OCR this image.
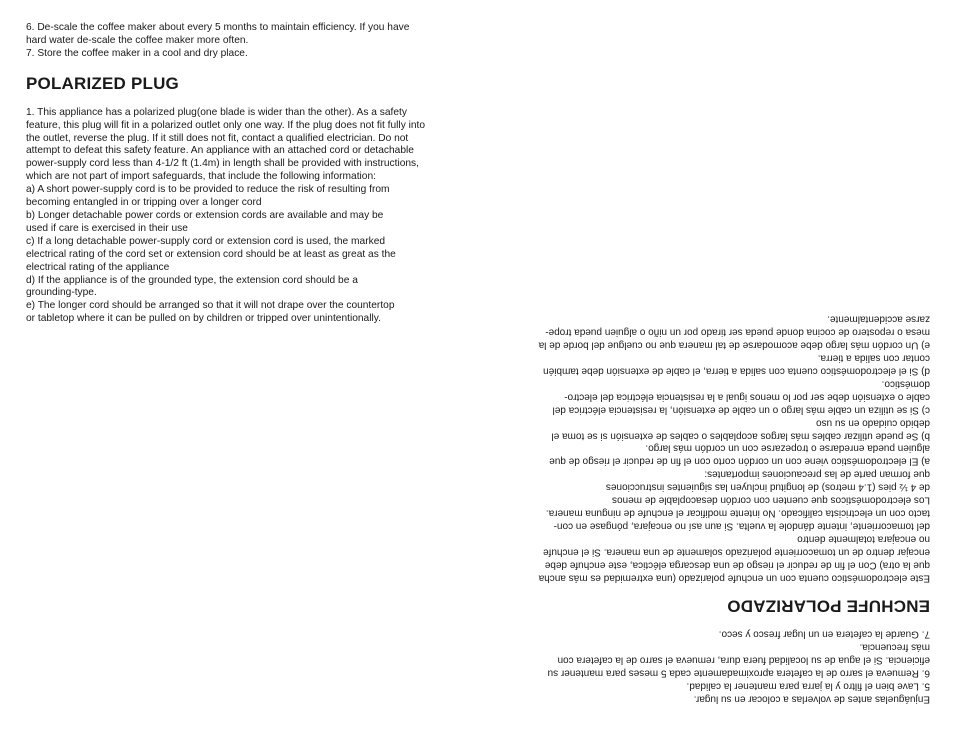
6. De-scale the coffee maker about every 5 months to maintain efficiency. If you have
hard water de-scale the coffee maker more often.
7. Store the coffee maker in a cool and dry place.
POLARIZED PLUG
1. This appliance has a polarized plug(one blade is wider than the other). As a safety
feature, this plug will fit in a polarized outlet only one way. If the plug does not fit fully into
the outlet, reverse the plug. If it still does not fit, contact a qualified electrician. Do not
attempt to defeat this safety feature. An appliance with an attached cord or detachable
power-supply cord less than 4-1/2 ft (1.4m) in length shall be provided with instructions,
which are not part of import safeguards, that include the following information:
a) A short power-supply cord is to be provided to reduce the risk of resulting from
becoming entangled in or tripping over a longer cord
b) Longer detachable power cords or extension cords are available and may be
used if care is exercised in their use
c) If a long detachable power-supply cord or extension cord is used, the marked
electrical rating of the cord set or extension cord should be at least as great as the
electrical rating of the appliance
d) If the appliance is of the grounded type, the extension cord should be a
grounding-type.
e) The longer cord should be arranged so that it will not drape over the countertop
or tabletop where it can be pulled on by children or tripped over unintentionally.
Enjuáguelas antes de volverlas a colocar en su lugar.
5. Lave bien el filtro y la jarra para mantener la calidad.
6. Remueva el sarro de la cafetera aproximadamente cada 5 meses para mantener su
eficiencia. Si el agua de su localidad fuera dura, remueva el sarro de la cafetera con
más frecuencia.
7. Guarde la cafetera en un lugar fresco y seco.
ENCHUFE POLARIZADO
Este electrodoméstico cuenta con un enchufe polarizado (una extremidad es más ancha
que la otra) Con el fin de reducir el riesgo de una descarga eléctica, este enchufe debe
encajar dentro de un tomacorriente polarizado solamente de una manera. Si el enchufe
no encajara totalmente dentro
del tomacorriente, intente dándole la vuelta. Si aun así no encajara, póngase en con-
tacto con un electricista calificado. No intente modificar el enchufe de ninguna manera.
Los electrodomésticos que cuenten con cordón desacoplable de menos
de 4 ½ pies (1.4 metros) de longitud incluyen las siguientes instrucciones
que forman parte de las precauciones importantes:
a) El electrodoméstico viene con un cordón corto con el fin de reducir el riesgo de que
alguien pueda enredarse o tropezarse con un cordón más largo.
b) Se puede utilizar cables más largos acoplables o cables de extensión si se toma el
debido cuidado en su uso
c) Si se utiliza un cable más largo o un cable de extensión, la resistencia eléctrica del
cable o extensión debe ser por lo menos igual a la resistencia eléctrica del electro-
doméstico.
d) Si el electrodoméstico cuenta con salida a tierra, el cable de extensión debe también
contar con salida a tierra.
e) Un cordón más largo debe acomodarse de tal manera que no cuelgue del borde de la
mesa o repostero de cocina donde pueda ser tirado por un niño o alguien pueda trope-
zarse accidentalmente.
